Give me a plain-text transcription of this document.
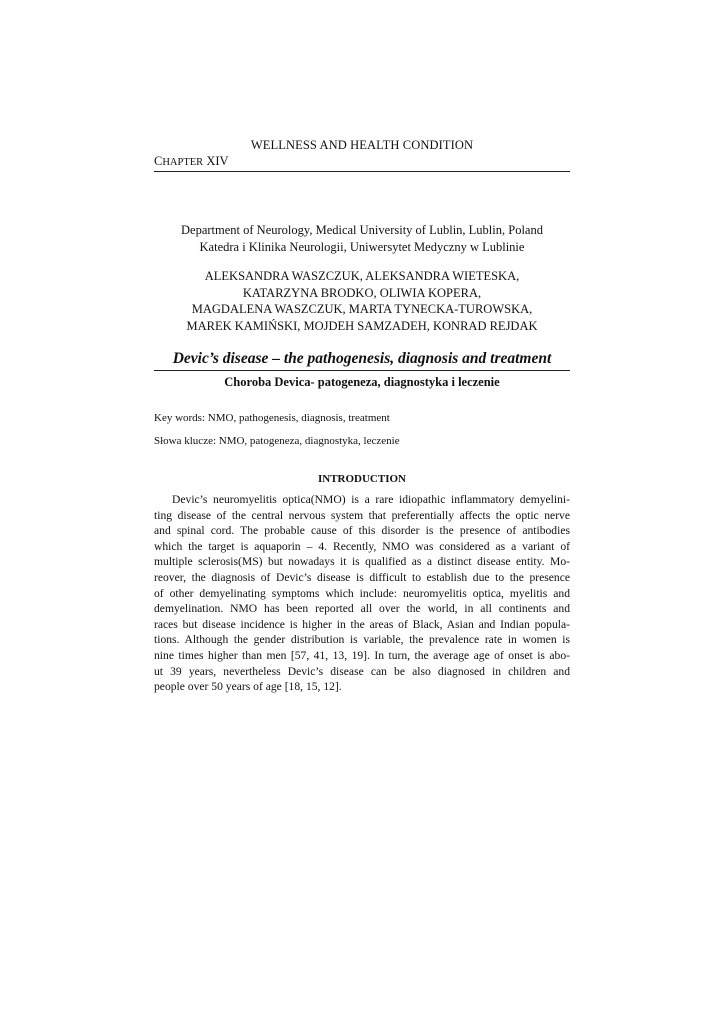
WELLNESS AND HEALTH CONDITION
CHAPTER XIV
Department of Neurology, Medical University of Lublin, Lublin, Poland
Katedra i Klinika Neurologii, Uniwersytet Medyczny w Lublinie
ALEKSANDRA WASZCZUK, ALEKSANDRA WIETESKA,
KATARZYNA BRODKO, OLIWIA KOPERA,
MAGDALENA WASZCZUK, MARTA TYNECKA-TUROWSKA,
MAREK KAMIŃSKI, MOJDEH SAMZADEH, KONRAD REJDAK
Devic’s disease – the pathogenesis, diagnosis and treatment
Choroba Devica- patogeneza, diagnostyka i leczenie
Key words: NMO, pathogenesis, diagnosis, treatment
Słowa klucze: NMO, patogeneza, diagnostyka, leczenie
INTRODUCTION
Devic’s neuromyelitis optica(NMO) is a rare idiopathic inflammatory demyelini-
ting disease of the central nervous system that preferentially affects the optic nerve
and spinal cord. The probable cause of this disorder is the presence of antibodies
which the target is aquaporin – 4. Recently, NMO was considered as a variant of
multiple sclerosis(MS) but nowadays it is qualified as a distinct disease entity. Mo-
reover, the diagnosis of Devic’s disease is difficult to establish due to the presence
of other demyelinating symptoms which include: neuromyelitis optica, myelitis and
demyelination. NMO has been reported all over the world, in all continents and
races but disease incidence is higher in the areas of Black, Asian and Indian popula-
tions. Although the gender distribution is variable, the prevalence rate in women is
nine times higher than men [57, 41, 13, 19]. In turn, the average age of onset is abo-
ut 39 years, nevertheless Devic’s disease can be also diagnosed in children and
people over 50 years of age [18, 15, 12].
